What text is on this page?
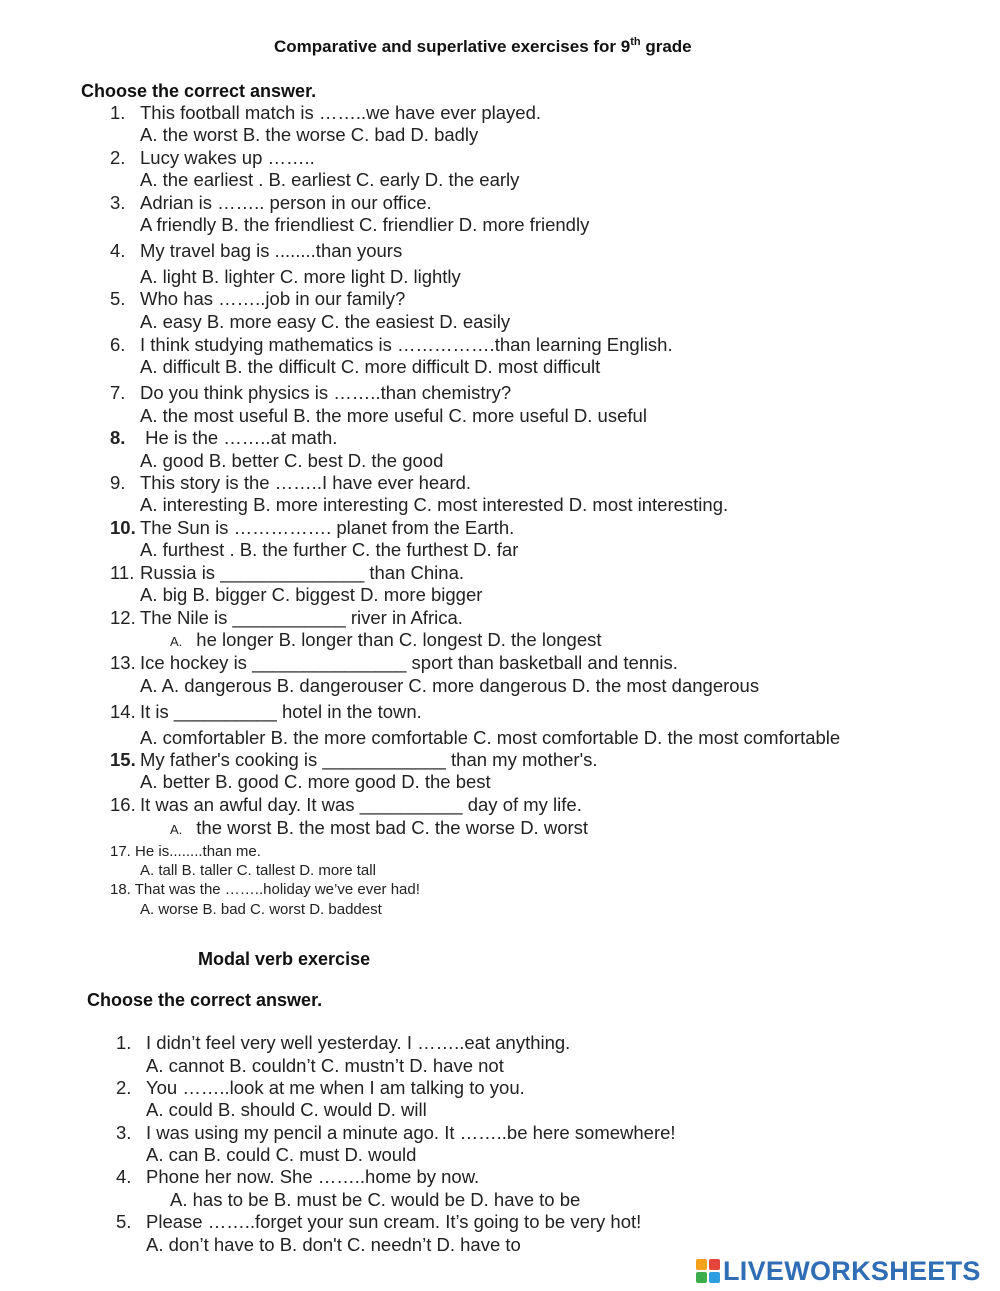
Comparative and superlative exercises for 9th grade
Choose the correct answer.
1. This football match is ……..we have ever played.
A. the worst B. the worse C. bad D. badly
2. Lucy wakes up ……..
A. the earliest . B. earliest C. early D. the early
3. Adrian is …….. person in our office.
A friendly B. the friendliest C. friendlier D. more friendly
4. My travel bag is ........than yours
A. light B. lighter C. more light D. lightly
5. Who has ……..job in our family?
A. easy B. more easy C. the easiest D. easily
6. I think studying mathematics is …………….than learning English.
A. difficult B. the difficult C. more difficult D. most difficult
7. Do you think physics is ……..than chemistry?
A. the most useful B. the more useful C. more useful D. useful
8. He is the ……..at math.
A. good B. better C. best D. the good
9. This story is the ……..I have ever heard.
A. interesting B. more interesting C. most interested D. most interesting.
10. The Sun is ……………. planet from the Earth.
A. furthest . B. the further C. the furthest D. far
11. Russia is ______________ than China.
A. big B. bigger C. biggest D. more bigger
12. The Nile is ___________ river in Africa.
A. he longer B. longer than C. longest D. the longest
13. Ice hockey is _______________ sport than basketball and tennis.
A. A. dangerous B. dangerouser C. more dangerous D. the most dangerous
14. It is __________ hotel in the town.
A. comfortabler B. the more comfortable C. most comfortable D. the most comfortable
15. My father's cooking is ____________ than my mother's.
A. better B. good C. more good D. the best
16. It was an awful day. It was __________ day of my life.
A. the worst B. the most bad C. the worse D. worst
17. He is........than me.
A. tall B. taller C. tallest D. more tall
18. That was the ……..holiday we’ve ever had!
A. worse B. bad C. worst D. baddest
Modal verb exercise
Choose the correct answer.
1. I didn’t feel very well yesterday. I ……..eat anything.
A. cannot B. couldn’t C. mustn’t D. have not
2. You ……..look at me when I am talking to you.
A. could B. should C. would D. will
3. I was using my pencil a minute ago. It ……..be here somewhere!
A. can B. could C. must D. would
4. Phone her now. She ……..home by now.
A. has to be B. must be C. would be D. have to be
5. Please ……..forget your sun cream. It’s going to be very hot!
A. don’t have to B. don't C. needn’t D. have to
LIVEWORKSHEETS
